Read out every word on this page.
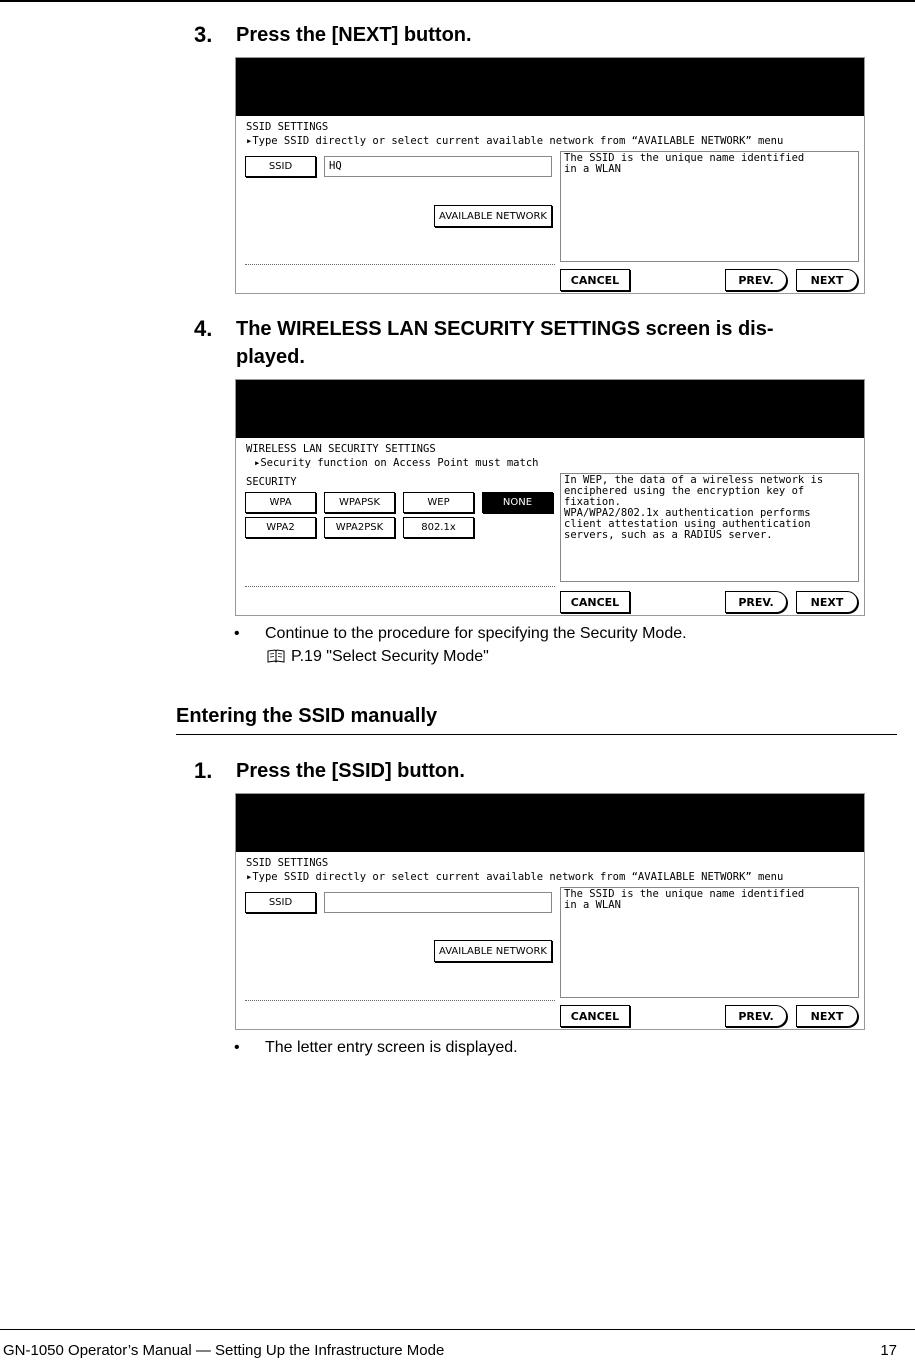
3. Press the [NEXT] button.
SSID SETTINGS
▸Type SSID directly or select current available network from “AVAILABLE NETWORK” menu
SSID	HQ
AVAILABLE NETWORK
The SSID is the unique name identified
in a WLAN
CANCEL	PREV.	NEXT
4. The WIRELESS LAN SECURITY SETTINGS screen is dis-
played.
WIRELESS LAN SECURITY SETTINGS
▸Security function on Access Point must match
SECURITY
WPA	WPAPSK	WEP	NONE
WPA2	WPA2PSK	802.1x
In WEP, the data of a wireless network is
enciphered using the encryption key of
fixation.
WPA/WPA2/802.1x authentication performs
client attestation using authentication
servers, such as a RADIUS server.
CANCEL	PREV.	NEXT
• Continue to the procedure for specifying the Security Mode.
P.19 "Select Security Mode"
Entering the SSID manually
1. Press the [SSID] button.
SSID SETTINGS
▸Type SSID directly or select current available network from “AVAILABLE NETWORK” menu
SSID
AVAILABLE NETWORK
The SSID is the unique name identified
in a WLAN
CANCEL	PREV.	NEXT
• The letter entry screen is displayed.
GN-1050 Operator’s Manual — Setting Up the Infrastructure Mode	17
